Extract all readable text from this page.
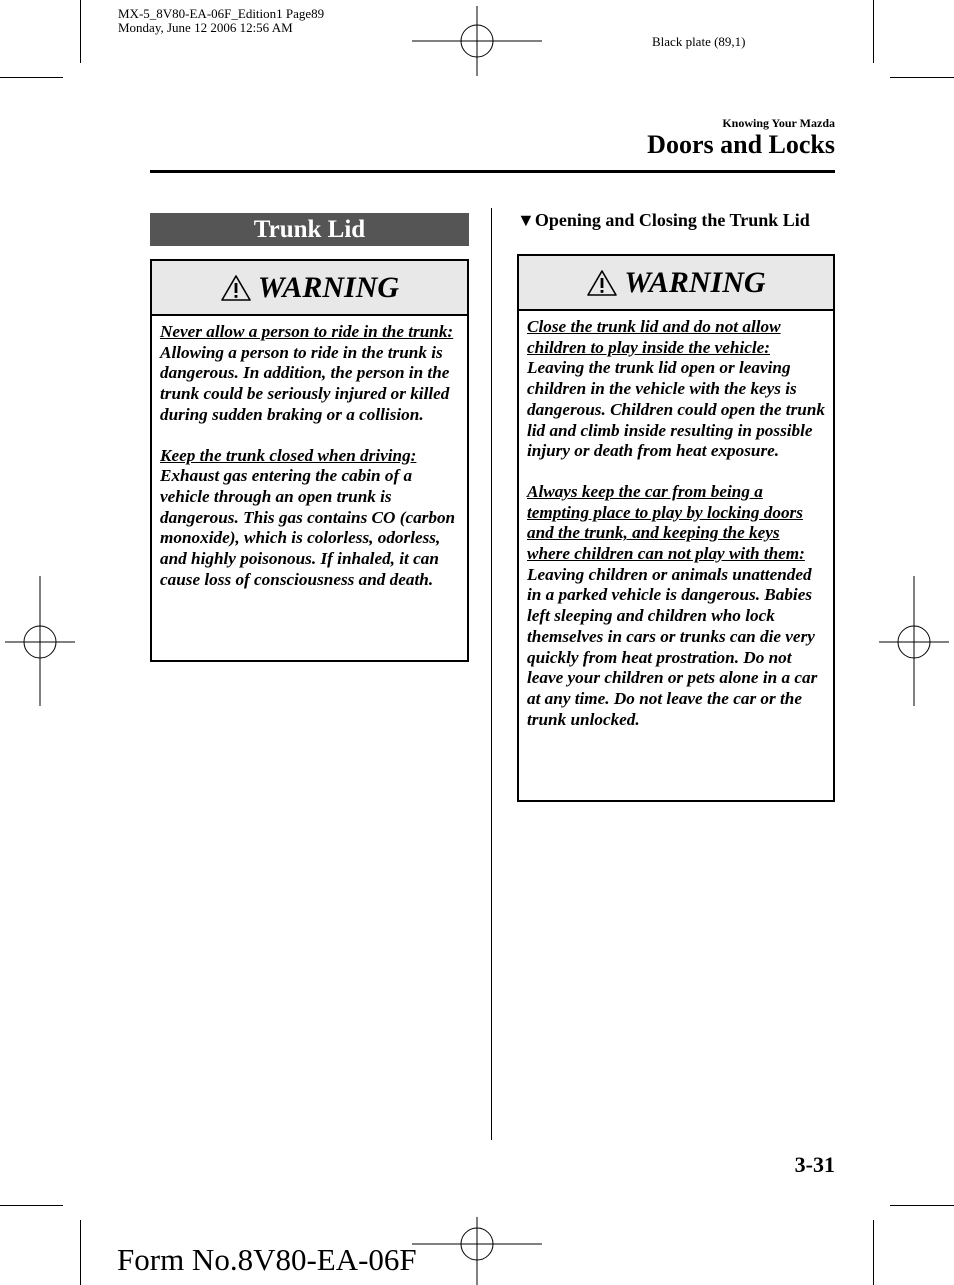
MX-5_8V80-EA-06F_Edition1 Page89
Monday, June 12 2006 12:56 AM
Black plate (89,1)
Knowing Your Mazda
Doors and Locks
Trunk Lid
WARNING

Never allow a person to ride in the trunk:

Allowing a person to ride in the trunk is dangerous. In addition, the person in the trunk could be seriously injured or killed during sudden braking or a collision.

Keep the trunk closed when driving:

Exhaust gas entering the cabin of a vehicle through an open trunk is dangerous. This gas contains CO (carbon monoxide), which is colorless, odorless, and highly poisonous. If inhaled, it can cause loss of consciousness and death.

▼Opening and Closing the Trunk Lid
WARNING

Close the trunk lid and do not allow children to play inside the vehicle:

Leaving the trunk lid open or leaving children in the vehicle with the keys is dangerous. Children could open the trunk lid and climb inside resulting in possible injury or death from heat exposure.

Always keep the car from being a tempting place to play by locking doors and the trunk, and keeping the keys where children can not play with them:

Leaving children or animals unattended in a parked vehicle is dangerous. Babies left sleeping and children who lock themselves in cars or trunks can die very quickly from heat prostration. Do not leave your children or pets alone in a car at any time. Do not leave the car or the trunk unlocked.

3-31
Form No.8V80-EA-06F
